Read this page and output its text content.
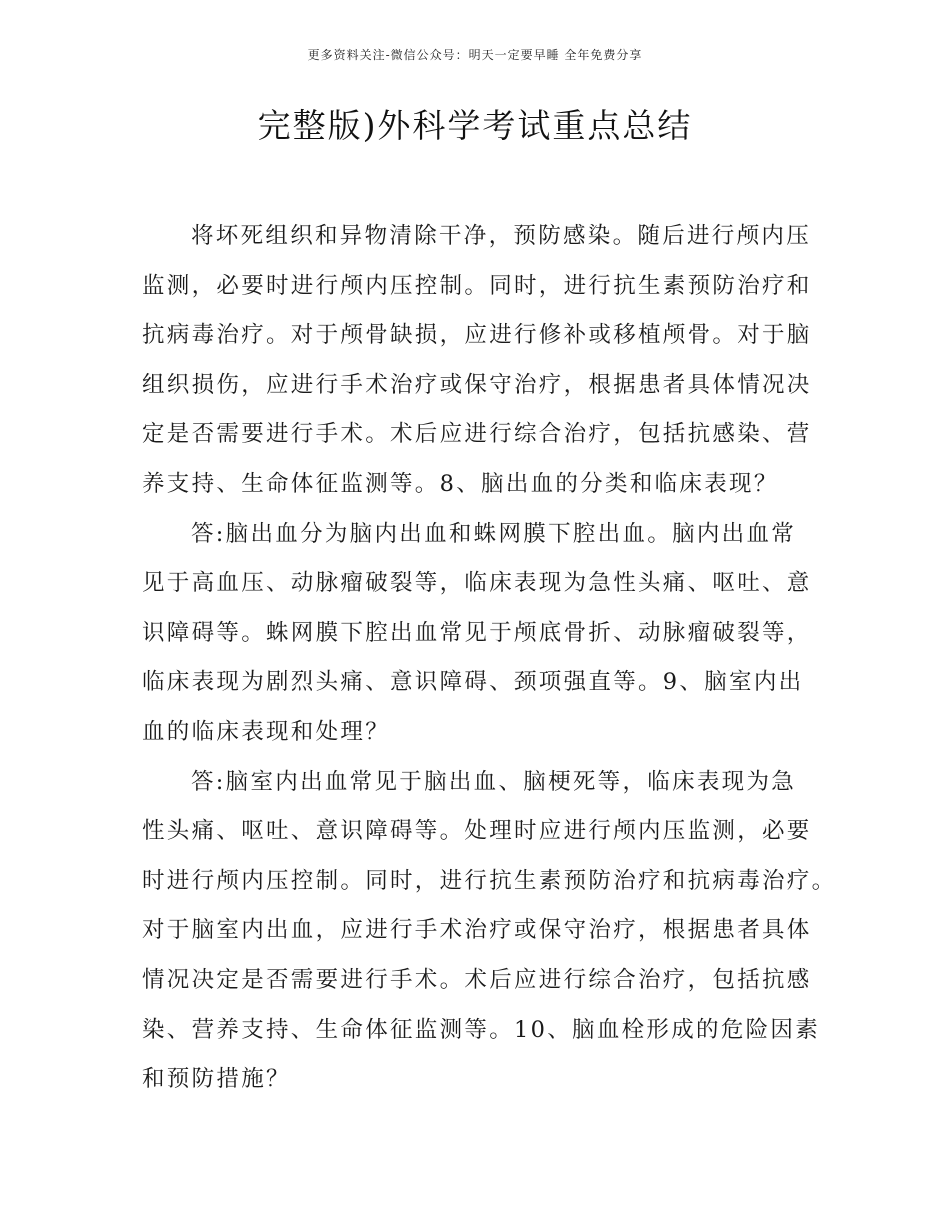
更多资料关注-微信公众号：明天一定要早睡 全年免费分享
完整版)外科学考试重点总结
将坏死组织和异物清除干净，预防感染。随后进行颅内压
监测，必要时进行颅内压控制。同时，进行抗生素预防治疗和
抗病毒治疗。对于颅骨缺损，应进行修补或移植颅骨。对于脑
组织损伤，应进行手术治疗或保守治疗，根据患者具体情况决
定是否需要进行手术。术后应进行综合治疗，包括抗感染、营
养支持、生命体征监测等。8、脑出血的分类和临床表现？
答:脑出血分为脑内出血和蛛网膜下腔出血。脑内出血常
见于高血压、动脉瘤破裂等，临床表现为急性头痛、呕吐、意
识障碍等。蛛网膜下腔出血常见于颅底骨折、动脉瘤破裂等，
临床表现为剧烈头痛、意识障碍、颈项强直等。9、脑室内出
血的临床表现和处理？
答:脑室内出血常见于脑出血、脑梗死等，临床表现为急
性头痛、呕吐、意识障碍等。处理时应进行颅内压监测，必要
时进行颅内压控制。同时，进行抗生素预防治疗和抗病毒治疗。
对于脑室内出血，应进行手术治疗或保守治疗，根据患者具体
情况决定是否需要进行手术。术后应进行综合治疗，包括抗感
染、营养支持、生命体征监测等。10、脑血栓形成的危险因素
和预防措施？
